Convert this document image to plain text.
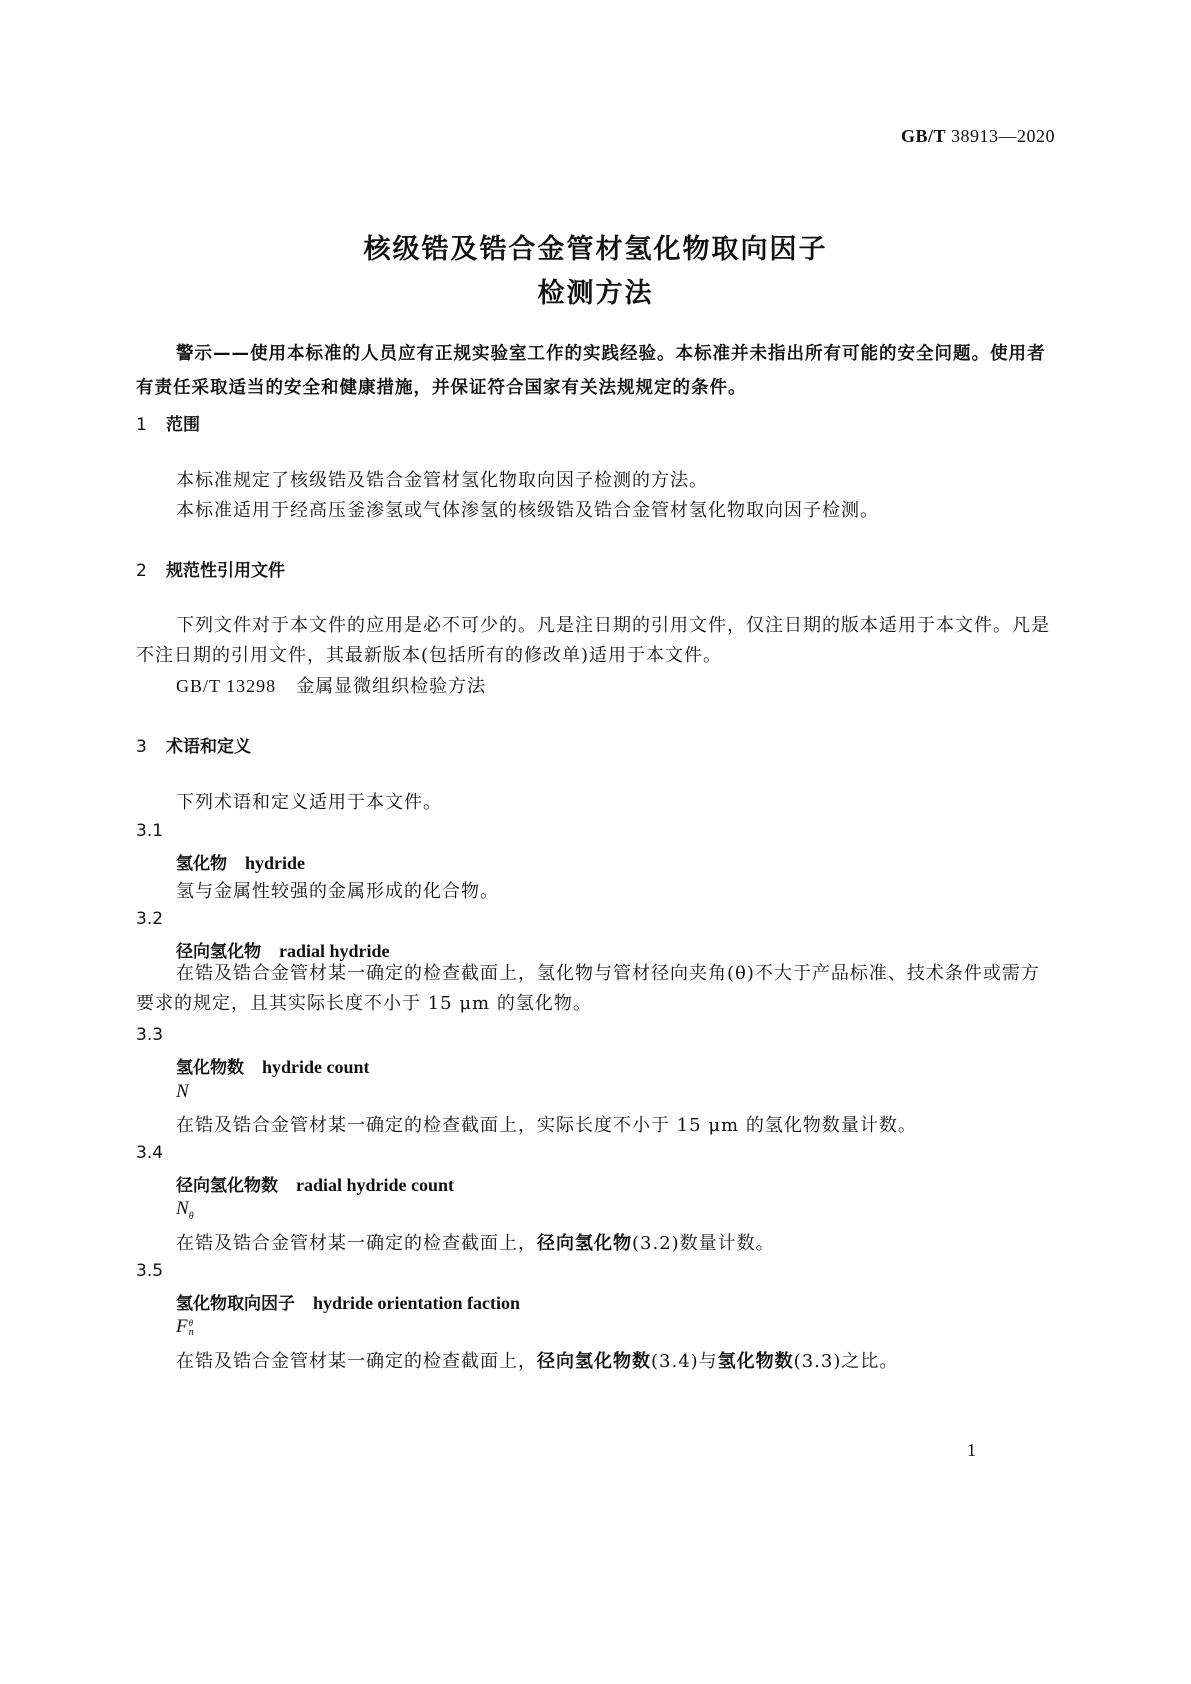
GB/T 38913—2020
核级锆及锆合金管材氢化物取向因子
检测方法
警示——使用本标准的人员应有正规实验室工作的实践经验。本标准并未指出所有可能的安全问题。使用者有责任采取适当的安全和健康措施，并保证符合国家有关法规规定的条件。
1 范围
本标准规定了核级锆及锆合金管材氢化物取向因子检测的方法。
本标准适用于经高压釜渗氢或气体渗氢的核级锆及锆合金管材氢化物取向因子检测。
2 规范性引用文件
下列文件对于本文件的应用是必不可少的。凡是注日期的引用文件，仅注日期的版本适用于本文件。凡是不注日期的引用文件，其最新版本(包括所有的修改单)适用于本文件。
GB/T 13298 金属显微组织检验方法
3 术语和定义
下列术语和定义适用于本文件。
3.1
氢化物 hydride
氢与金属性较强的金属形成的化合物。
3.2
径向氢化物 radial hydride
在锆及锆合金管材某一确定的检查截面上，氢化物与管材径向夹角(θ)不大于产品标准、技术条件或需方要求的规定，且其实际长度不小于 15 μm 的氢化物。
3.3
氢化物数 hydride count
N
在锆及锆合金管材某一确定的检查截面上，实际长度不小于 15 μm 的氢化物数量计数。
3.4
径向氢化物数 radial hydride count
$N_\theta$
在锆及锆合金管材某一确定的检查截面上，径向氢化物(3.2)数量计数。
3.5
氢化物取向因子 hydride orientation faction
F θ
n
在锆及锆合金管材某一确定的检查截面上，径向氢化物数(3.4)与氢化物数(3.3)之比。
1
